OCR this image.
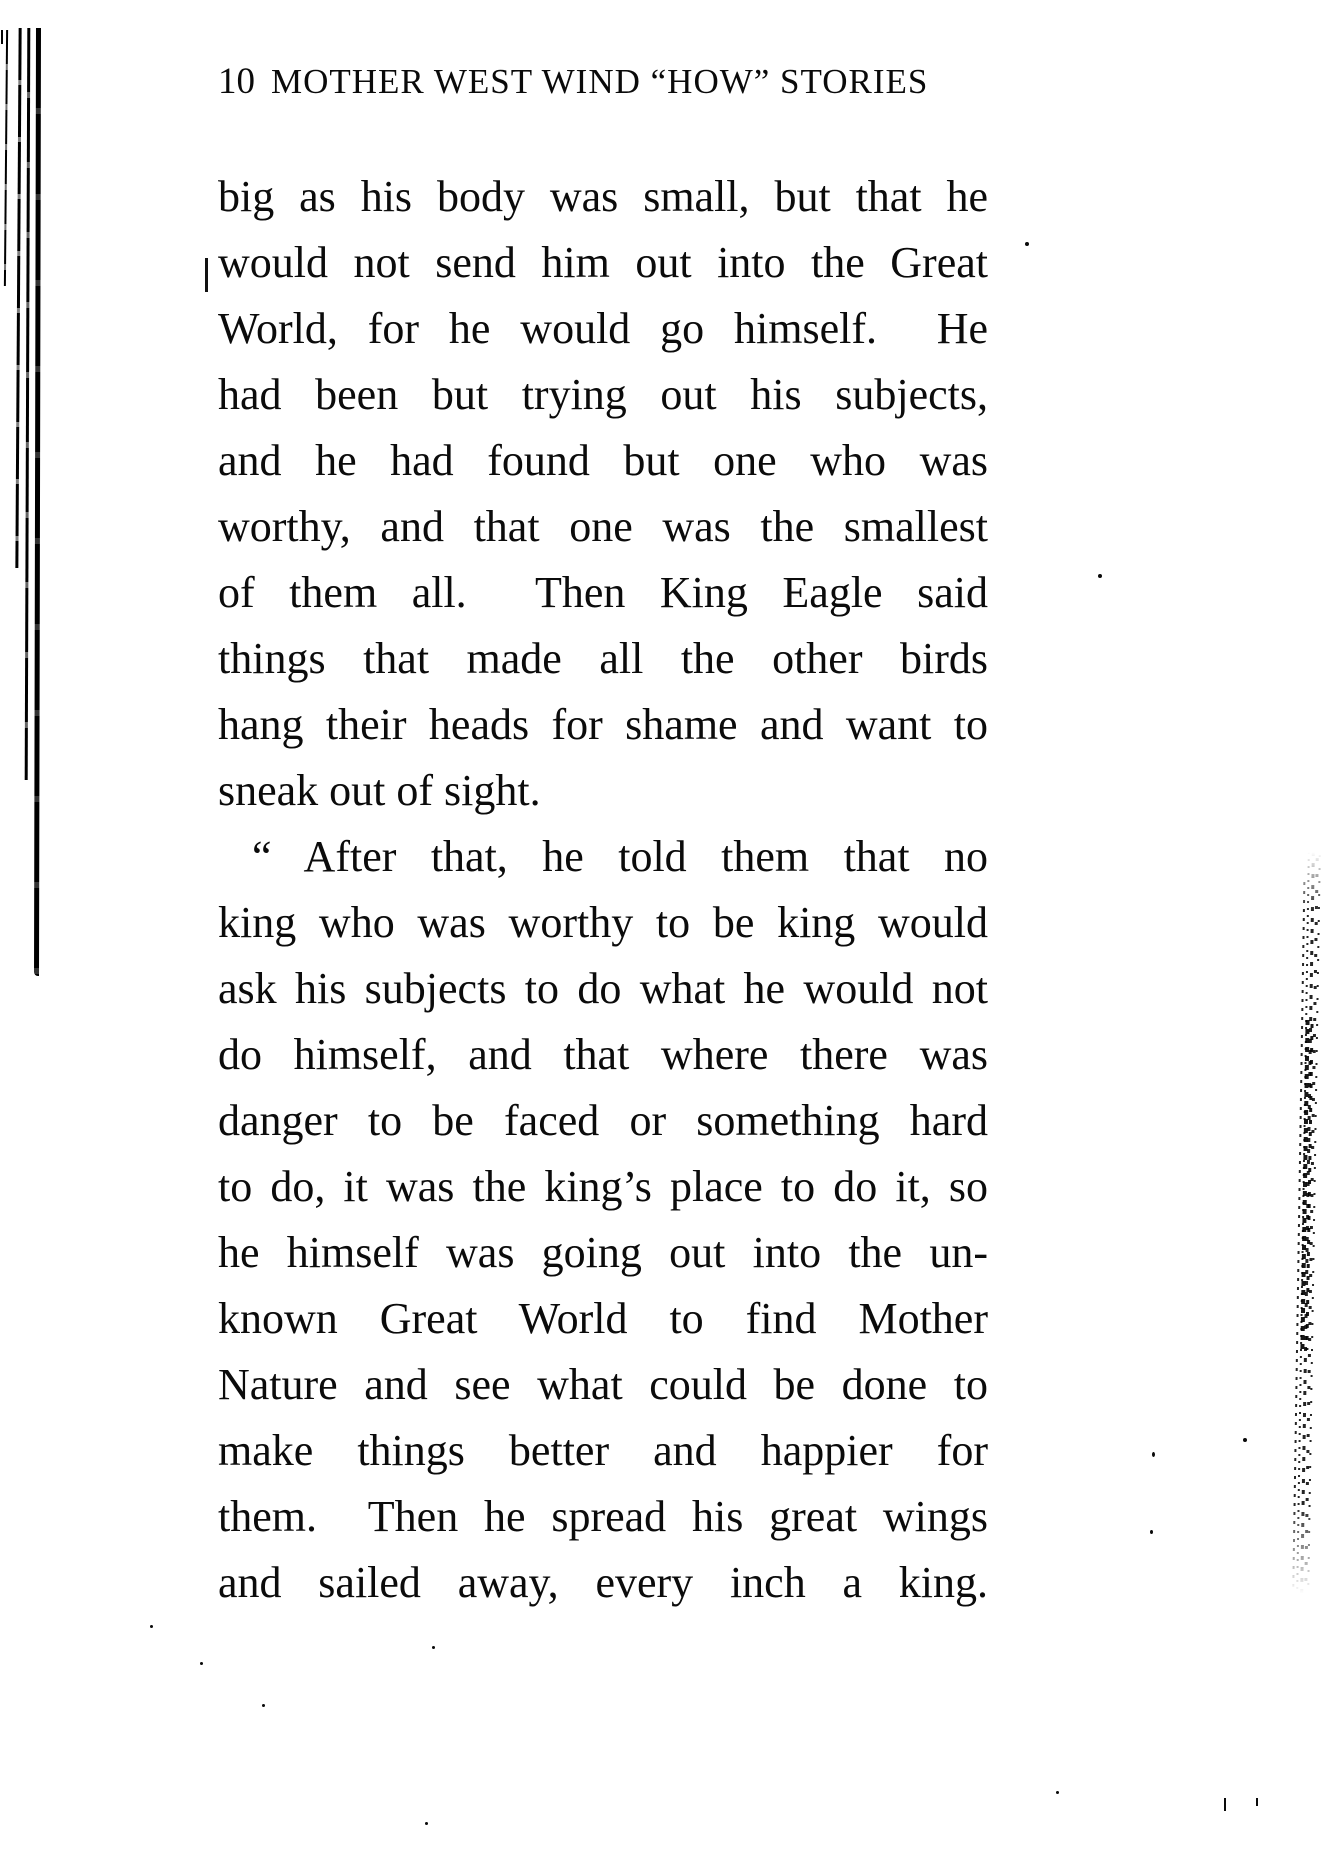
10 MOTHER WEST WIND “HOW” STORIES
big as his body was small, but that he
would not send him out into the Great
World, for he would go himself.  He
had been but trying out his subjects,
and he had found but one who was
worthy, and that one was the smallest
of them all.  Then King Eagle said
things that made all the other birds
hang their heads for shame and want to
sneak out of sight.
“ After that, he told them that no
king who was worthy to be king would
ask his subjects to do what he would not
do himself, and that where there was
danger to be faced or something hard
to do, it was the king’s place to do it, so
he himself was going out into the un-
known Great World to find Mother
Nature and see what could be done to
make things better and happier for
them.  Then he spread his great wings
and sailed away, every inch a king.
